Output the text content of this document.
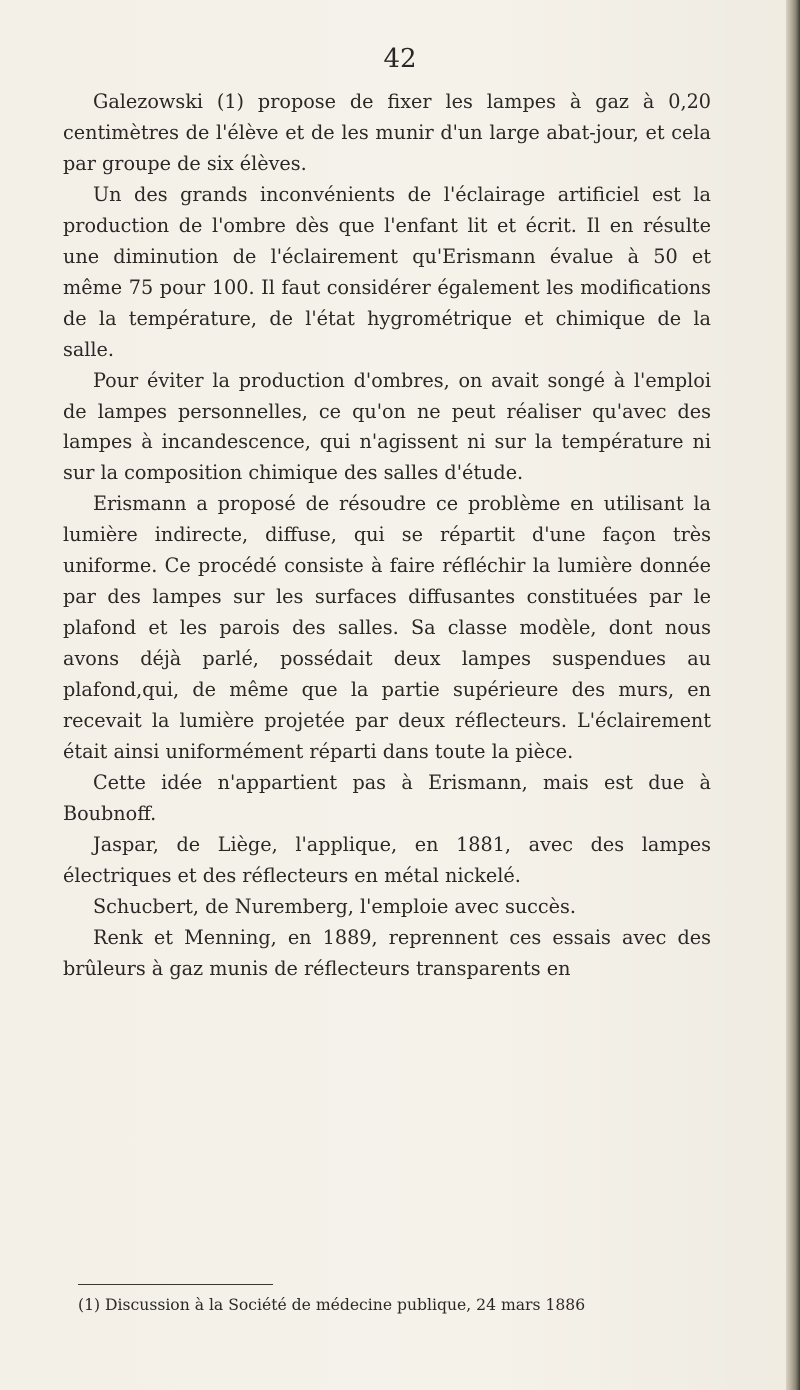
42

Galezowski (1) propose de fixer les lampes à gaz à 0,20 centimètres de l'élève et de les munir d'un large abat-jour, et cela par groupe de six élèves.

Un des grands inconvénients de l'éclairage artificiel est la production de l'ombre dès que l'enfant lit et écrit. Il en résulte une diminution de l'éclairement qu'Erismann évalue à 50 et même 75 pour 100. Il faut considérer également les modifications de la température, de l'état hygrométrique et chimique de la salle.

Pour éviter la production d'ombres, on avait songé à l'emploi de lampes personnelles, ce qu'on ne peut réaliser qu'avec des lampes à incandescence, qui n'agissent ni sur la température ni sur la composition chimique des salles d'étude.

Erismann a proposé de résoudre ce problème en utilisant la lumière indirecte, diffuse, qui se répartit d'une façon très uniforme. Ce procédé consiste à faire réfléchir la lumière donnée par des lampes sur les surfaces diffusantes constituées par le plafond et les parois des salles. Sa classe modèle, dont nous avons déjà parlé, possédait deux lampes suspendues au plafond,qui, de même que la partie supérieure des murs, en recevait la lumière projetée par deux réflecteurs. L'éclairement était ainsi uniformément réparti dans toute la pièce.

Cette idée n'appartient pas à Erismann, mais est due à Boubnoff.

Jaspar, de Liège, l'applique, en 1881, avec des lampes électriques et des réflecteurs en métal nickelé.

Schucbert, de Nuremberg, l'emploie avec succès.

Renk et Menning, en 1889, reprennent ces essais avec des brûleurs à gaz munis de réflecteurs transparents en

(1) Discussion à la Société de médecine publique, 24 mars 1886
